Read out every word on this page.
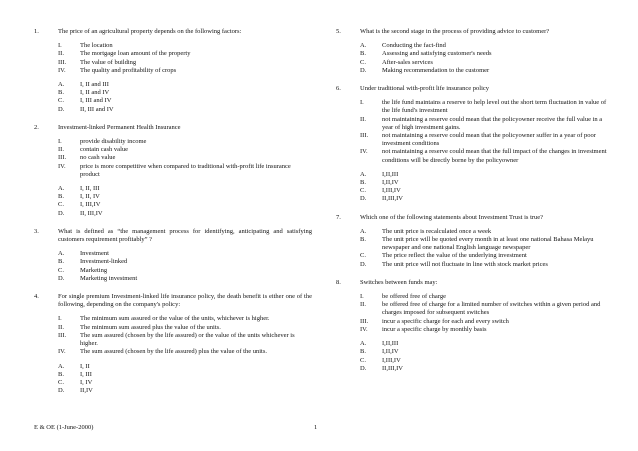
1.	The price of an agricultural property depends on the following factors:
I.	The location
II.	The mortgage loan amount of the property
III.	The value of building
IV.	The quality and profitability of crops
A.	I, II and III
B.	I, II and IV
C.	I, III and IV
D.	II, III and IV
2.	Investment-linked Permanent Health Insurance
I.	provide disability income
II.	contain cash value
III.	no cash value
IV.	price is more competitive when compared to traditional with-profit life insurance product
A.	I, II, III
B.	I, II, IV
C.	I, III,IV
D.	II, III,IV
3.	What is defined as “the management process for identifying, anticipating and satisfying customers requirement profitably” ?
A.	Investment
B.	Investment-linked
C.	Marketing
D.	Marketing investment
4.	For single premium Investment-linked life insurance policy, the death benefit is either one of the following, depending on the company's policy:
I.	The minimum sum assured or the value of the units, whichever is higher.
II.	The minimum sum assured plus the value of the units.
III.	The sum assured (chosen by the life assured) or the value of the units whichever is higher.
IV.	The sum assured (chosen by the life assured) plus the value of the units.
A.	I, II
B.	I, III
C.	I, IV
D.	II,IV
5.	What is the second stage in the process of providing advice to customer?
A.	Conducting the fact-find
B.	Assessing and satisfying customer's needs
C.	After-sales services
D.	Making recommendation to the customer
6.	Under traditional with-profit life insurance policy
I.	the life fund maintains a reserve to help level out the short term fluctuation in value of the life fund's investment
II.	not maintaining a reserve could mean that the policyowner receive the full value in a year of high investment gains.
III.	not maintaining a reserve could mean that the policyowner suffer in a year of poor investment conditions
IV.	not maintaining a reserve could mean that the full impact of the changes in investment conditions will be directly borne by the policyowner
A.	I,II,III
B.	I,II,IV
C.	I,III,IV
D.	II,III,IV
7.	Which one of the following statements about Investment Trust is true?
A.	The unit price is recalculated once a week
B.	The unit price will be quoted every month in at least one national Bahasa Melayu newspaper and one national English language newspaper
C.	The price reflect the value of the underlying investment
D.	The unit price will not fluctuate in line with stock market prices
8.	Switches between funds may:
I.	be offered free of charge
II.	be offered free of charge for a limited number of switches within a given period and charges imposed for subsequent switches
III.	incur a specific charge for each and every switch
IV.	incur a specific charge by monthly basis
A.	I,II,III
B.	I,II,IV
C.	I,III,IV
D.	II,III,IV
E & OE (1-June-2000)	1
